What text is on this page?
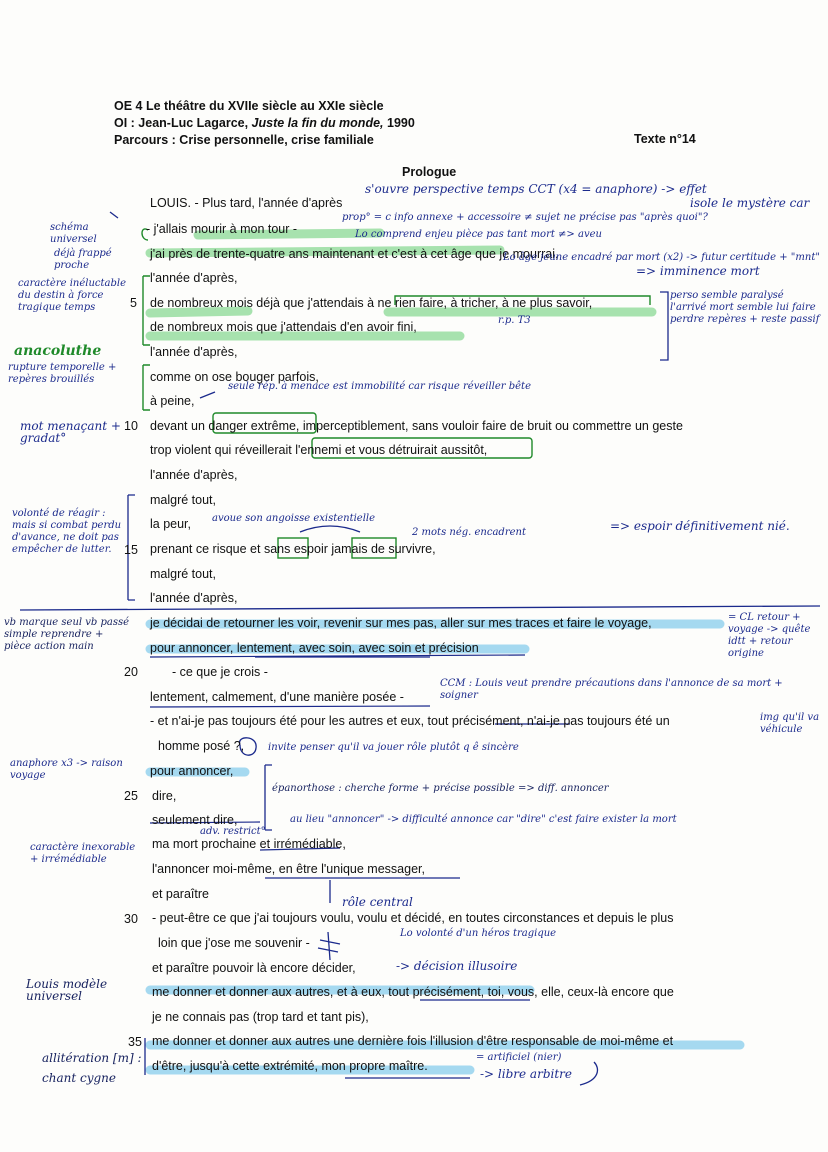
OE 4 Le théâtre du XVIIe siècle au XXIe siècle
OI : Jean-Luc Lagarce, Juste la fin du monde, 1990
Parcours : Crise personnelle, crise familiale	Texte n°14
Prologue
5
10
15
20
25
30
35
LOUIS. - Plus tard, l'année d'après
- j'allais mourir à mon tour -
j'ai près de trente-quatre ans maintenant et c'est à cet âge que je mourrai,
l'année d'après,
de nombreux mois déjà que j'attendais à ne rien faire, à tricher, à ne plus savoir,
de nombreux mois que j'attendais d'en avoir fini,
l'année d'après,
comme on ose bouger parfois,
à peine,
devant un danger extrême, imperceptiblement, sans vouloir faire de bruit ou commettre un geste
trop violent qui réveillerait l'ennemi et vous détruirait aussitôt,
l'année d'après,
malgré tout,
la peur,
prenant ce risque et sans espoir jamais de survivre,
malgré tout,
l'année d'après,
je décidai de retourner les voir, revenir sur mes pas, aller sur mes traces et faire le voyage,
pour annoncer, lentement, avec soin, avec soin et précision
- ce que je crois -
lentement, calmement, d'une manière posée -
- et n'ai-je pas toujours été pour les autres et eux, tout précisément, n'ai-je pas toujours été un
homme posé ?,
pour annoncer,
dire,
seulement dire,
ma mort prochaine et irrémédiable,
l'annoncer moi-même, en être l'unique messager,
et paraître
- peut-être ce que j'ai toujours voulu, voulu et décidé, en toutes circonstances et depuis le plus
loin que j'ose me souvenir -
et paraître pouvoir là encore décider,
me donner et donner aux autres, et à eux, tout précisément, toi, vous, elle, ceux-là encore que
je ne connais pas (trop tard et tant pis),
me donner et donner aux autres une dernière fois l'illusion d'être responsable de moi-même et
d'être, jusqu'à cette extrémité, mon propre maître.
s'ouvre perspective temps CCT (x4 = anaphore) -> effet
isole le mystère car
prop° = c info annexe + accessoire ≠ sujet ne précise pas "après quoi"?
Lo comprend enjeu pièce pas tant mort ≠> aveu
Lo âge jeune encadré par mort (x2) -> futur certitude + "mnt"
=> imminence mort
schéma universel
déjà frappé proche
caractère inéluctable du destin à force tragique temps
perso semble paralysé l'arrivé mort semble lui faire perdre repères + reste passif
r.p. T3
anacoluthe
rupture temporelle + repères brouillés
seule rép. à menace est immobilité car risque réveiller bête
mot menaçant + gradat°
volonté de réagir : mais si combat perdu d'avance, ne doit pas empêcher de lutter.
avoue son angoisse existentielle
2 mots nég. encadrent	=> espoir définitivement nié.
vb marque seul vb passé simple reprendre + pièce action main
= CL retour + voyage -> quête idtt + retour origine
CCM : Louis veut prendre précautions dans l'annonce de sa mort + soigner
img qu'il va véhicule
invite penser qu'il va jouer rôle plutôt q ê sincère
anaphore x3 -> raison voyage
épanorthose : cherche forme + précise possible => diff. annoncer
au lieu "annoncer" -> difficulté annonce car "dire" c'est faire exister la mort
adv. restrict°
caractère inexorable + irrémédiable
rôle central
Lo volonté d'un héros tragique
-> décision illusoire
Louis modèle universel
allitération [m] : chant cygne
= artificiel (nier)
-> libre arbitre
